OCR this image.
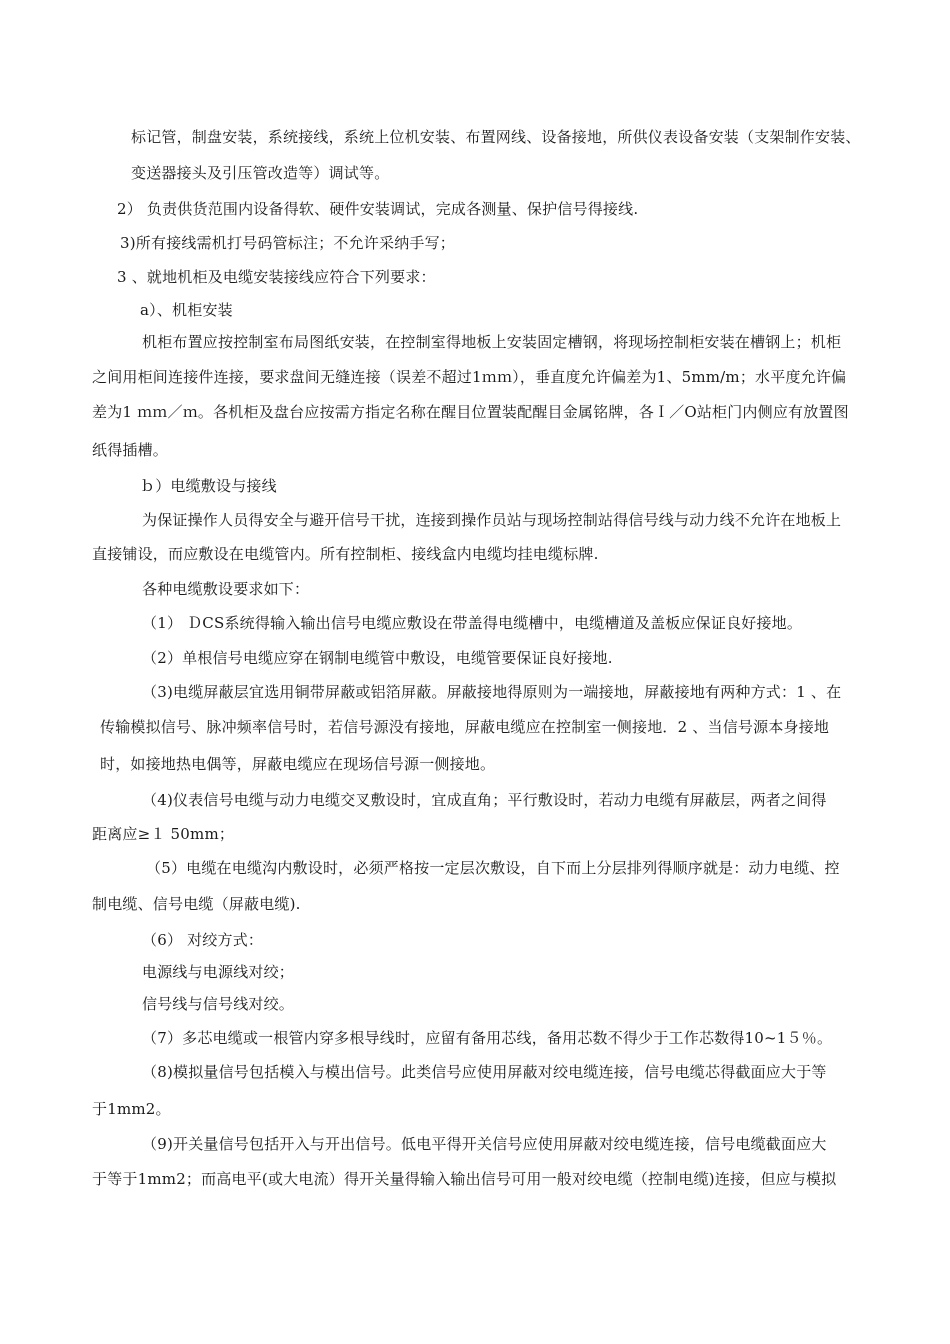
标记管，制盘安装，系统接线，系统上位机安装、布置网线、设备接地，所供仪表设备安装（支架制作安装、
变送器接头及引压管改造等）调试等。
2） 负责供货范围内设备得软、硬件安装调试，完成各测量、保护信号得接线.
3)所有接线需机打号码管标注；不允许采纳手写；
3 、就地机柜及电缆安装接线应符合下列要求：
a）、机柜安装
机柜布置应按控制室布局图纸安装，在控制室得地板上安装固定槽钢，将现场控制柜安装在槽钢上；机柜
之间用柜间连接件连接，要求盘间无缝连接（误差不超过1ｍｍ），垂直度允许偏差为1、5mm/m；水平度允许偏
差为1 ｍｍ／ｍ。各机柜及盘台应按需方指定名称在醒目位置装配醒目金属铭牌，各Ｉ／O站柜门内侧应有放置图
纸得插槽。
ｂ）电缆敷设与接线
为保证操作人员得安全与避开信号干扰，连接到操作员站与现场控制站得信号线与动力线不允许在地板上
直接铺设，而应敷设在电缆管内。所有控制柜、接线盒内电缆均挂电缆标牌.
各种电缆敷设要求如下：
（1） ＤCS系统得输入输出信号电缆应敷设在带盖得电缆槽中，电缆槽道及盖板应保证良好接地。
（2）单根信号电缆应穿在钢制电缆管中敷设，电缆管要保证良好接地.
（3)电缆屏蔽层宜选用铜带屏蔽或铝箔屏蔽。屏蔽接地得原则为一端接地，屏蔽接地有两种方式：1 、在
传输模拟信号、脉冲频率信号时，若信号源没有接地，屏蔽电缆应在控制室一侧接地．2 、当信号源本身接地
时，如接地热电偶等，屏蔽电缆应在现场信号源一侧接地。
（4)仪表信号电缆与动力电缆交叉敷设时，宜成直角；平行敷设时，若动力电缆有屏蔽层，两者之间得
距离应≥１ 50mm；
（5）电缆在电缆沟内敷设时，必须严格按一定层次敷设，自下而上分层排列得顺序就是：动力电缆、控
制电缆、信号电缆（屏蔽电缆).
（6） 对绞方式：
电源线与电源线对绞；
信号线与信号线对绞。
（7）多芯电缆或一根管内穿多根导线时，应留有备用芯线，备用芯数不得少于工作芯数得10~1５％。
（8)模拟量信号包括模入与模出信号。此类信号应使用屏蔽对绞电缆连接，信号电缆芯得截面应大于等
于1mm2。
（9)开关量信号包括开入与开出信号。低电平得开关信号应使用屏蔽对绞电缆连接，信号电缆截面应大
于等于1mm2；而高电平(或大电流）得开关量得输入输出信号可用一般对绞电缆（控制电缆)连接，但应与模拟
